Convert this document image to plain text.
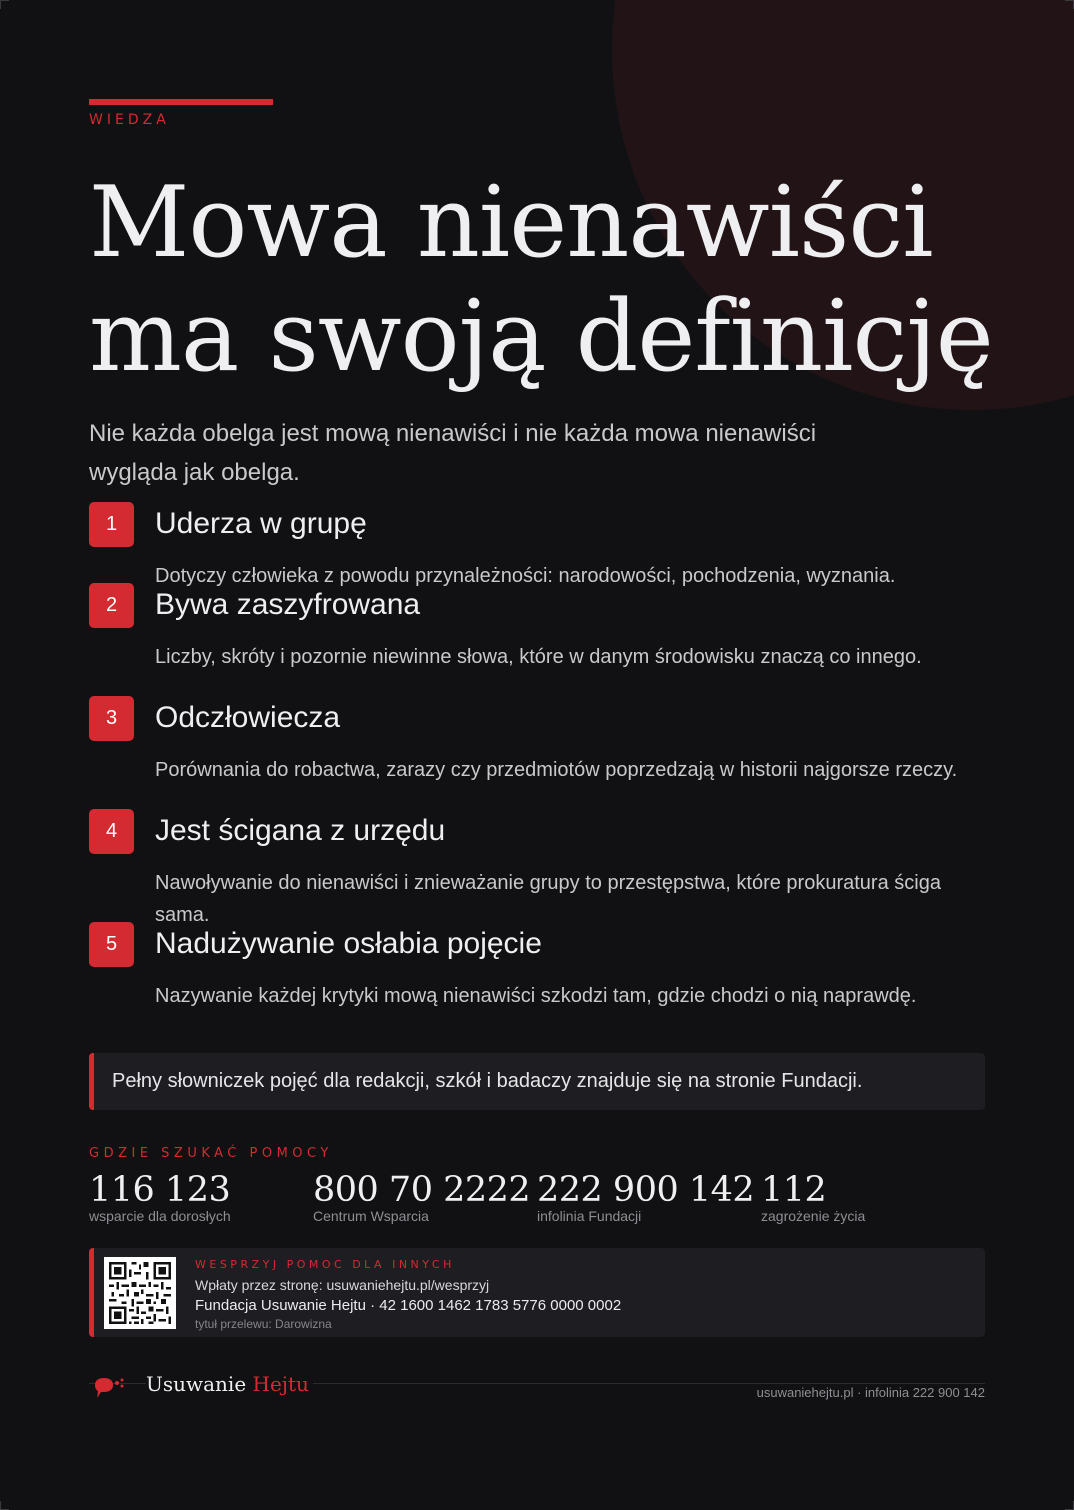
WIEDZA
Mowa nienawiści
ma swoją definicję
Nie każda obelga jest mową nienawiści i nie każda mowa nienawiści wygląda jak obelga.
1	Uderza w grupę
Dotyczy człowieka z powodu przynależności: narodowości, pochodzenia, wyznania.
2	Bywa zaszyfrowana
Liczby, skróty i pozornie niewinne słowa, które w danym środowisku znaczą co innego.
3	Odczłowiecza
Porównania do robactwa, zarazy czy przedmiotów poprzedzają w historii najgorsze rzeczy.
4	Jest ścigana z urzędu
Nawoływanie do nienawiści i znieważanie grupy to przestępstwa, które prokuratura ściga sama.
5	Nadużywanie osłabia pojęcie
Nazywanie każdej krytyki mową nienawiści szkodzi tam, gdzie chodzi o nią naprawdę.
Pełny słowniczek pojęć dla redakcji, szkół i badaczy znajduje się na stronie Fundacji.
GDZIE SZUKAĆ POMOCY
116 123
wsparcie dla dorosłych
800 70 2222
Centrum Wsparcia
222 900 142
infolinia Fundacji
112
zagrożenie życia
WESPRZYJ POMOC DLA INNYCH
Wpłaty przez stronę: usuwaniehejtu.pl/wesprzyj
Fundacja Usuwanie Hejtu · 42 1600 1462 1783 5776 0000 0002
tytuł przelewu: Darowizna
Usuwanie Hejtu	usuwaniehejtu.pl · infolinia 222 900 142
